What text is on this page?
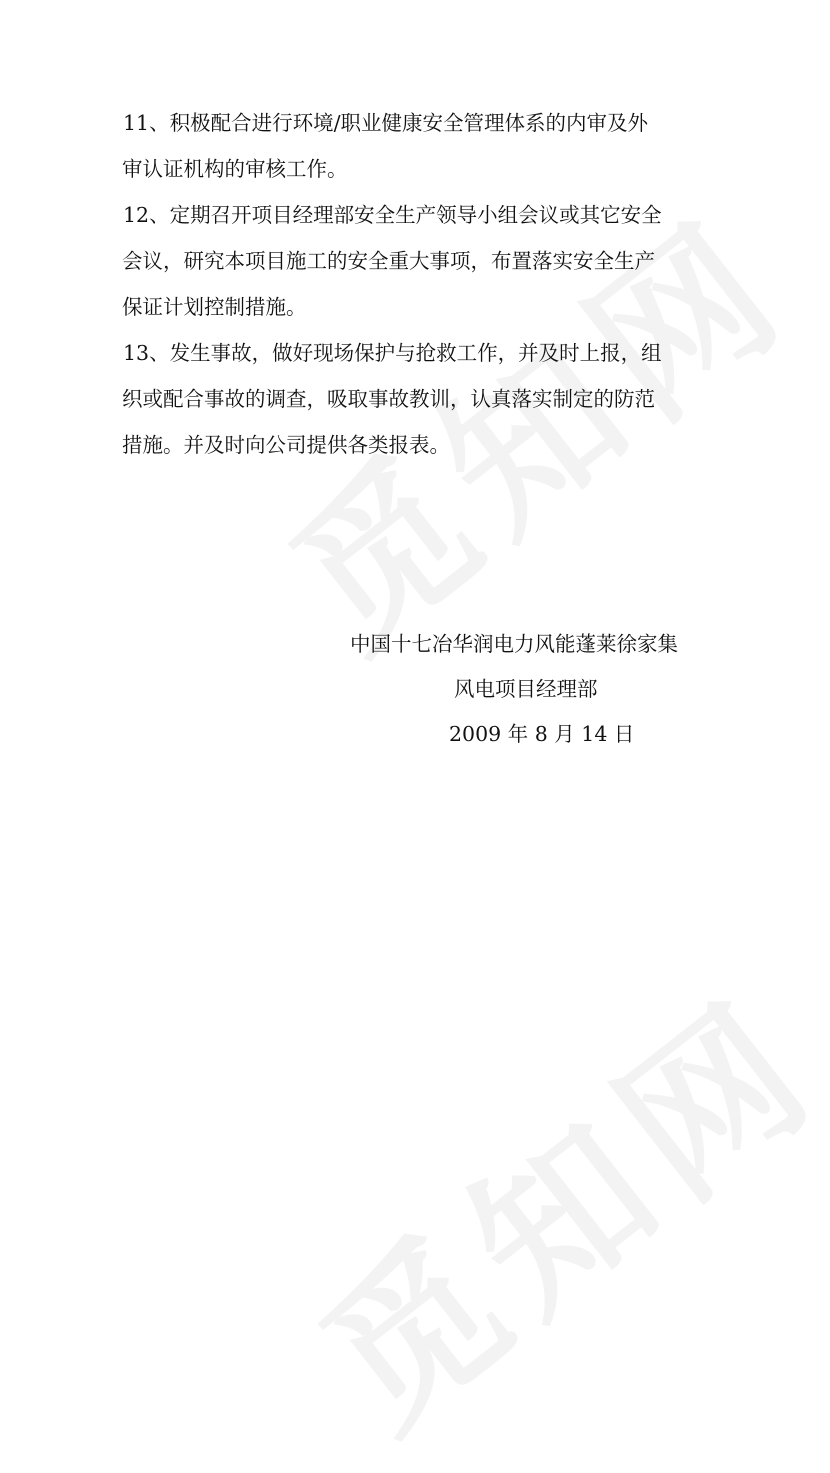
11、积极配合进行环境/职业健康安全管理体系的内审及外
审认证机构的审核工作。

12、定期召开项目经理部安全生产领导小组会议或其它安全
会议，研究本项目施工的安全重大事项，布置落实安全生产
保证计划控制措施。

13、发生事故，做好现场保护与抢救工作，并及时上报，组
织或配合事故的调查，吸取事故教训，认真落实制定的防范
措施。并及时向公司提供各类报表。

中国十七冶华润电力风能蓬莱徐家集
风电项目经理部
2009 年 8 月 14 日
